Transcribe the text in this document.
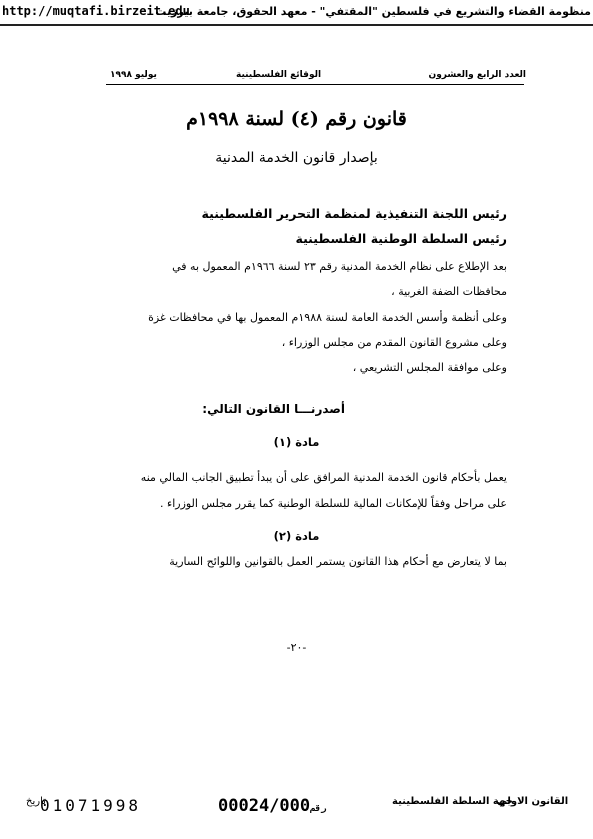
http://muqtafi.birzeit.edu
منظومة القضاء والتشريع في فلسطين "المقتفي" - معهد الحقوق، جامعة بيرزيت
العدد الرابع والعشرون
الوقائع الفلسطينية
يوليو ١٩٩٨
قانون رقم (٤) لسنة ١٩٩٨م
بإصدار قانون الخدمة المدنية
رئيس اللجنة التنفيذية لمنظمة التحرير الفلسطينية
رئيس السلطة الوطنية الفلسطينية
بعد الإطلاع على نظام الخدمة المدنية رقم ٢٣ لسنة ١٩٦٦م المعمول به في
محافظات الضفة الغربية ،
وعلى أنظمة وأسس الخدمة العامة لسنة ١٩٨٨م المعمول بها في محافظات غزة
وعلى مشروع القانون المقدم من مجلس الوزراء ،
وعلى موافقة المجلس التشريعي ،
أصدرنـــا القانون التالي:
مادة (١)
يعمل بأحكام قانون الخدمة المدنية المرافق على أن يبدأ تطبيق الجانب المالي منه
على مراحل وفقاً للإمكانات المالية للسلطة الوطنية كما يقرر مجلس الوزراء .
مادة (٢)
بما لا يتعارض مع أحكام هذا القانون يستمر العمل بالقوانين واللوائح السارية
-٢٠-
تاريخ
01071998	00024/000رقم
جهة السلطة الفلسطينية
القانون الاولي
